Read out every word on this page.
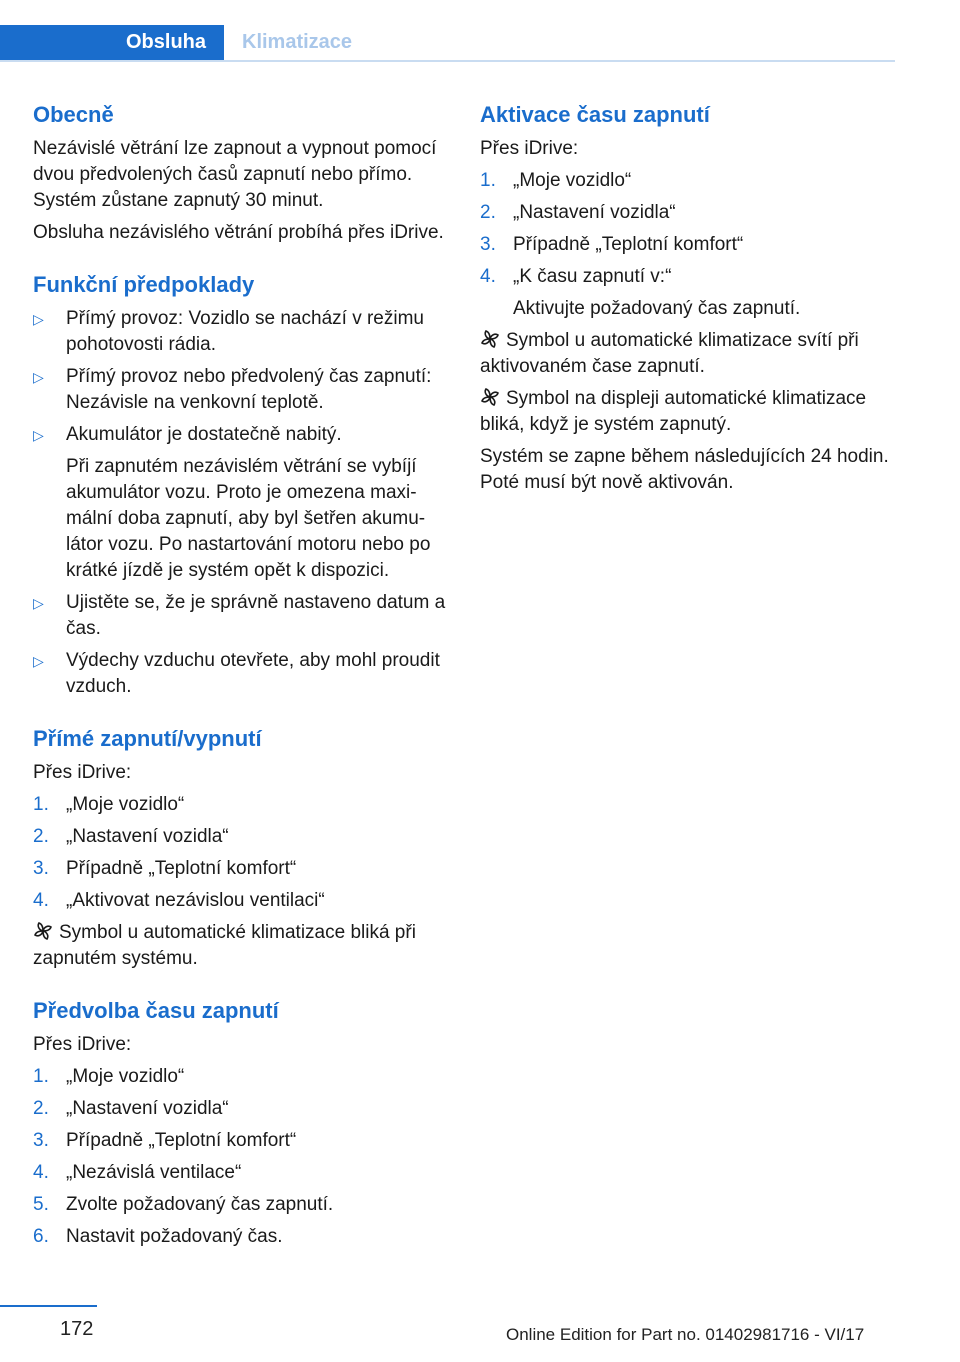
Obsluha	Klimatizace
Obecně

Nezávislé větrání lze zapnout a vypnout pomocí dvou předvolených časů zapnutí nebo přímo. Systém zůstane zapnutý 30 minut.

Obsluha nezávislého větrání probíhá přes iDrive.

Funkční předpoklady
▷ Přímý provoz: Vozidlo se nachází v režimu pohotovosti rádia.
▷ Přímý provoz nebo předvolený čas zapnutí: Nezávisle na venkovní teplotě.
▷ Akumulátor je dostatečně nabitý.
Při zapnutém nezávislém větrání se vybíjí akumulátor vozu. Proto je omezena maximální doba zapnutí, aby byl šetřen akumulátor vozu. Po nastartování motoru nebo po krátké jízdě je systém opět k dispozici.
▷ Ujistěte se, že je správně nastaveno datum a čas.
▷ Výdechy vzduchu otevřete, aby mohl proudit vzduch.
Přímé zapnutí/vypnutí

Přes iDrive:

1. „Moje vozidlo“
2. „Nastavení vozidla“
3. Případně „Teplotní komfort“
4. „Aktivovat nezávislou ventilaci“

Symbol u automatické klimatizace bliká při zapnutém systému.

Předvolba času zapnutí

Přes iDrive:

1. „Moje vozidlo“
2. „Nastavení vozidla“
3. Případně „Teplotní komfort“
4. „Nezávislá ventilace“
5. Zvolte požadovaný čas zapnutí.
6. Nastavit požadovaný čas.
Aktivace času zapnutí

Přes iDrive:

1. „Moje vozidlo“
2. „Nastavení vozidla“
3. Případně „Teplotní komfort“
4. „K času zapnutí v:“
Aktivujte požadovaný čas zapnutí.

Symbol u automatické klimatizace svítí při aktivovaném čase zapnutí.

Symbol na displeji automatické klimatizace bliká, když je systém zapnutý.

Systém se zapne během následujících 24 hodin. Poté musí být nově aktivován.

172	Online Edition for Part no. 01402981716 - VI/17
